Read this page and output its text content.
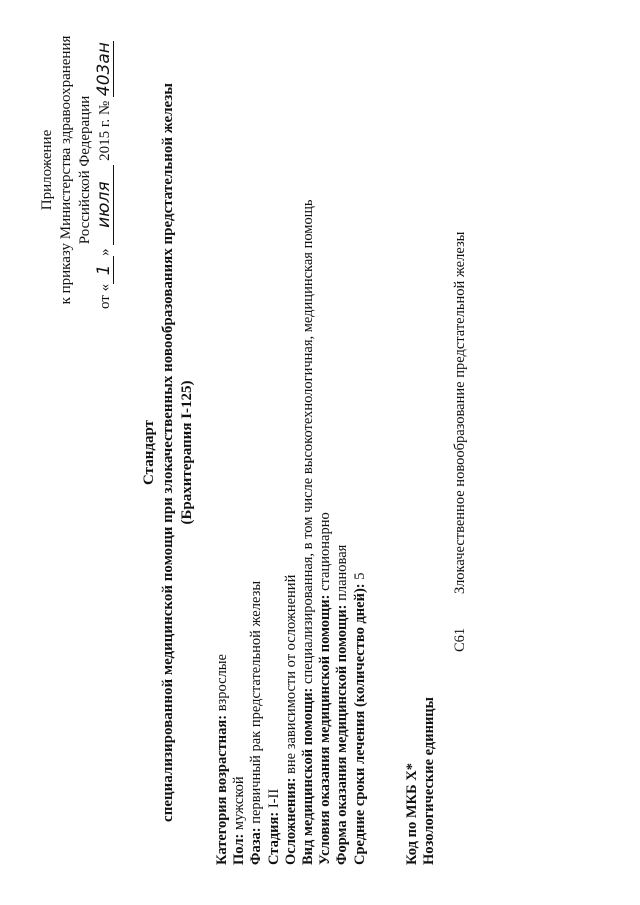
Приложение к приказу Министерства здравоохранения Российской Федерации
от «1» июля 2015 г. № 403ан
Стандарт специализированной медицинской помощи при злокачественных новообразованиях предстательной железы (Брахитерапия I-125)
Категория возрастная: взрослые
Пол: мужской
Фаза: первичный рак предстательной железы
Стадия: I-II Осложнения: вне зависимости от осложнений
Вид медицинской помощи: специализированная, в том числе высокотехнологичная, медицинская помощь
Условия оказания медицинской помощи: стационарно
Форма оказания медицинской помощи: плановая
Средние сроки лечения (количество дней): 5
Код по МКБ X* Нозологические единицы
C61Злокачественное новообразование предстательной железы
